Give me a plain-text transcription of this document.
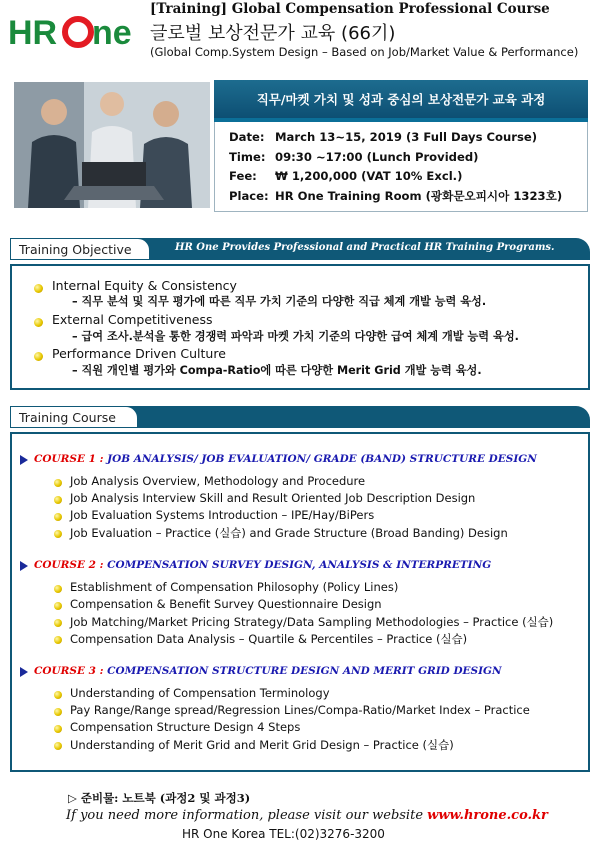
HR ne
[Training] Global Compensation Professional Course
글로벌 보상전문가 교육 (66기)
(Global Comp.System Design – Based on Job/Market Value & Performance)
직무/마켓 가치 및 성과 중심의 보상전문가 교육 과정
Date: March 13~15, 2019 (3 Full Days Course)
Time: 09:30 ~17:00 (Lunch Provided)
Fee:	₩ 1,200,000 (VAT 10% Excl.)
Place: HR One Training Room (광화문오피시아 1323호)
Training Objective	HR One Provides Professional and Practical HR Training Programs.
Internal Equity & Consistency
– 직무 분석 및 직무 평가에 따른 직무 가치 기준의 다양한 직급 체계 개발 능력 육성.
External Competitiveness
– 급여 조사.분석을 통한 경쟁력 파악과 마켓 가치 기준의 다양한 급여 체계 개발 능력 육성.
Performance Driven Culture
– 직원 개인별 평가와 Compa-Ratio에 따른 다양한 Merit Grid 개발 능력 육성.
Training Course
COURSE 1 : JOB ANALYSIS/ JOB EVALUATION/ GRADE (BAND) STRUCTURE DESIGN
Job Analysis Overview, Methodology and Procedure
Job Analysis Interview Skill and Result Oriented Job Description Design
Job Evaluation Systems Introduction – IPE/Hay/BiPers
Job Evaluation – Practice (실습) and Grade Structure (Broad Banding) Design
COURSE 2 : COMPENSATION SURVEY DESIGN, ANALYSIS & INTERPRETING
Establishment of Compensation Philosophy (Policy Lines)
Compensation & Benefit Survey Questionnaire Design
Job Matching/Market Pricing Strategy/Data Sampling Methodologies – Practice (실습)
Compensation Data Analysis – Quartile & Percentiles – Practice (실습)
COURSE 3 : COMPENSATION STRUCTURE DESIGN AND MERIT GRID DESIGN
Understanding of Compensation Terminology
Pay Range/Range spread/Regression Lines/Compa-Ratio/Market Index – Practice
Compensation Structure Design 4 Steps
Understanding of Merit Grid and Merit Grid Design – Practice (실습)
▷ 준비물: 노트북 (과정2 및 과정3)
If you need more information, please visit our website www.hrone.co.kr
HR One Korea TEL:(02)3276-3200
